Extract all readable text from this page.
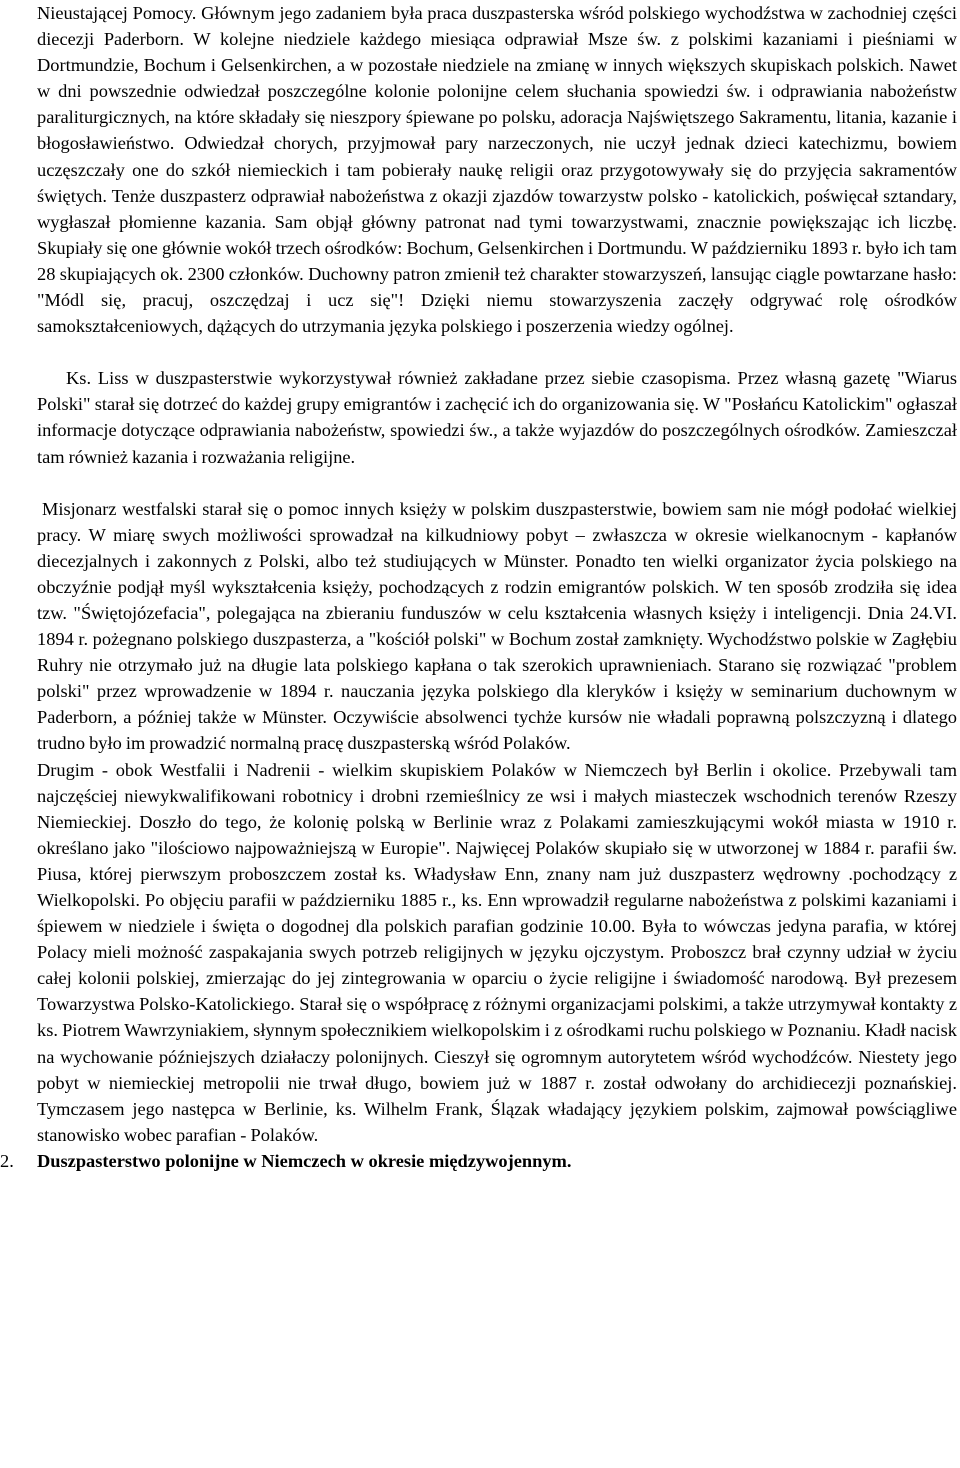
Nieustającej Pomocy. Głównym jego zadaniem była praca duszpasterska wśród polskiego wychodźstwa w zachodniej części diecezji Paderborn. W kolejne niedziele każdego miesiąca odprawiał Msze św. z polskimi kazaniami i pieśniami w Dortmundzie, Bochum i Gelsenkirchen, a w pozostałe niedziele na zmianę w innych większych skupiskach polskich. Nawet w dni powszednie odwiedzał poszczególne kolonie polonijne celem słuchania spowiedzi św. i odprawiania nabożeństw paraliturgicznych, na które składały się nieszpory śpiewane po polsku, adoracja Najświętszego Sakramentu, litania, kazanie i błogosławieństwo. Odwiedzał chorych, przyjmował pary narzeczonych, nie uczył jednak dzieci katechizmu, bowiem uczęszczały one do szkół niemieckich i tam pobierały naukę religii oraz przygotowywały się do przyjęcia sakramentów świętych. Tenże duszpasterz odprawiał nabożeństwa z okazji zjazdów towarzystw polsko - katolickich, poświęcał sztandary, wygłaszał płomienne kazania. Sam objął główny patronat nad tymi towarzystwami, znacznie powiększając ich liczbę. Skupiały się one głównie wokół trzech ośrodków: Bochum, Gelsenkirchen i Dortmundu. W październiku 1893 r. było ich tam 28 skupiających ok. 2300 członków. Duchowny patron zmienił też charakter stowarzyszeń, lansując ciągle powtarzane hasło: "Módl się, pracuj, oszczędzaj i ucz się"! Dzięki niemu stowarzyszenia zaczęły odgrywać rolę ośrodków samokształceniowych, dążących do utrzymania języka polskiego i poszerzenia wiedzy ogólnej.

Ks. Liss w duszpasterstwie wykorzystywał również zakładane przez siebie czasopisma. Przez własną gazetę "Wiarus Polski" starał się dotrzeć do każdej grupy emigrantów i zachęcić ich do organizowania się. W "Posłańcu Katolickim" ogłaszał informacje dotyczące odprawiania nabożeństw, spowiedzi św., a także wyjazdów do poszczególnych ośrodków. Zamieszczał tam również kazania i rozważania religijne.

Misjonarz westfalski starał się o pomoc innych księży w polskim duszpasterstwie, bowiem sam nie mógł podołać wielkiej pracy. W miarę swych możliwości sprowadzał na kilkudniowy pobyt – zwłaszcza w okresie wielkanocnym - kapłanów diecezjalnych i zakonnych z Polski, albo też studiujących w Münster. Ponadto ten wielki organizator życia polskiego na obczyźnie podjął myśl wykształcenia księży, pochodzących z rodzin emigrantów polskich. W ten sposób zrodziła się idea tzw. "Świętojózefacia", polegająca na zbieraniu funduszów w celu kształcenia własnych księży i inteligencji. Dnia 24.VI. 1894 r. pożegnano polskiego duszpasterza, a "kościół polski" w Bochum został zamknięty. Wychodźstwo polskie w Zagłębiu Ruhry nie otrzymało już na długie lata polskiego kapłana o tak szerokich uprawnieniach. Starano się rozwiązać "problem polski" przez wprowadzenie w 1894 r. nauczania języka polskiego dla kleryków i księży w seminarium duchownym w Paderborn, a później także w Münster. Oczywiście absolwenci tychże kursów nie władali poprawną polszczyzną i dlatego trudno było im prowadzić normalną pracę duszpasterską wśród Polaków.

Drugim - obok Westfalii i Nadrenii - wielkim skupiskiem Polaków w Niemczech był Berlin i okolice. Przebywali tam najczęściej niewykwalifikowani robotnicy i drobni rzemieślnicy ze wsi i małych miasteczek wschodnich terenów Rzeszy Niemieckiej. Doszło do tego, że kolonię polską w Berlinie wraz z Polakami zamieszkującymi wokół miasta w 1910 r. określano jako "ilościowo najpoważniejszą w Europie". Najwięcej Polaków skupiało się w utworzonej w 1884 r. parafii św. Piusa, której pierwszym proboszczem został ks. Władysław Enn, znany nam już duszpasterz wędrowny .pochodzący z Wielkopolski. Po objęciu parafii w październiku 1885 r., ks. Enn wprowadził regularne nabożeństwa z polskimi kazaniami i śpiewem w niedziele i święta o dogodnej dla polskich parafian godzinie 10.00. Była to wówczas jedyna parafia, w której Polacy mieli możność zaspakajania swych potrzeb religijnych w języku ojczystym. Proboszcz brał czynny udział w życiu całej kolonii polskiej, zmierzając do jej zintegrowania w oparciu o życie religijne i świadomość narodową. Był prezesem Towarzystwa Polsko-Katolickiego. Starał się o współpracę z różnymi organizacjami polskimi, a także utrzymywał kontakty z ks. Piotrem Wawrzyniakiem, słynnym społecznikiem wielkopolskim i z ośrodkami ruchu polskiego w Poznaniu. Kładł nacisk na wychowanie późniejszych działaczy polonijnych. Cieszył się ogromnym autorytetem wśród wychodźców. Niestety jego pobyt w niemieckiej metropolii nie trwał długo, bowiem już w 1887 r. został odwołany do archidiecezji poznańskiej. Tymczasem jego następca w Berlinie, ks. Wilhelm Frank, Ślązak władający językiem polskim, zajmował powściągliwe stanowisko wobec parafian - Polaków.

2. Duszpasterstwo polonijne w Niemczech w okresie międzywojennym.
